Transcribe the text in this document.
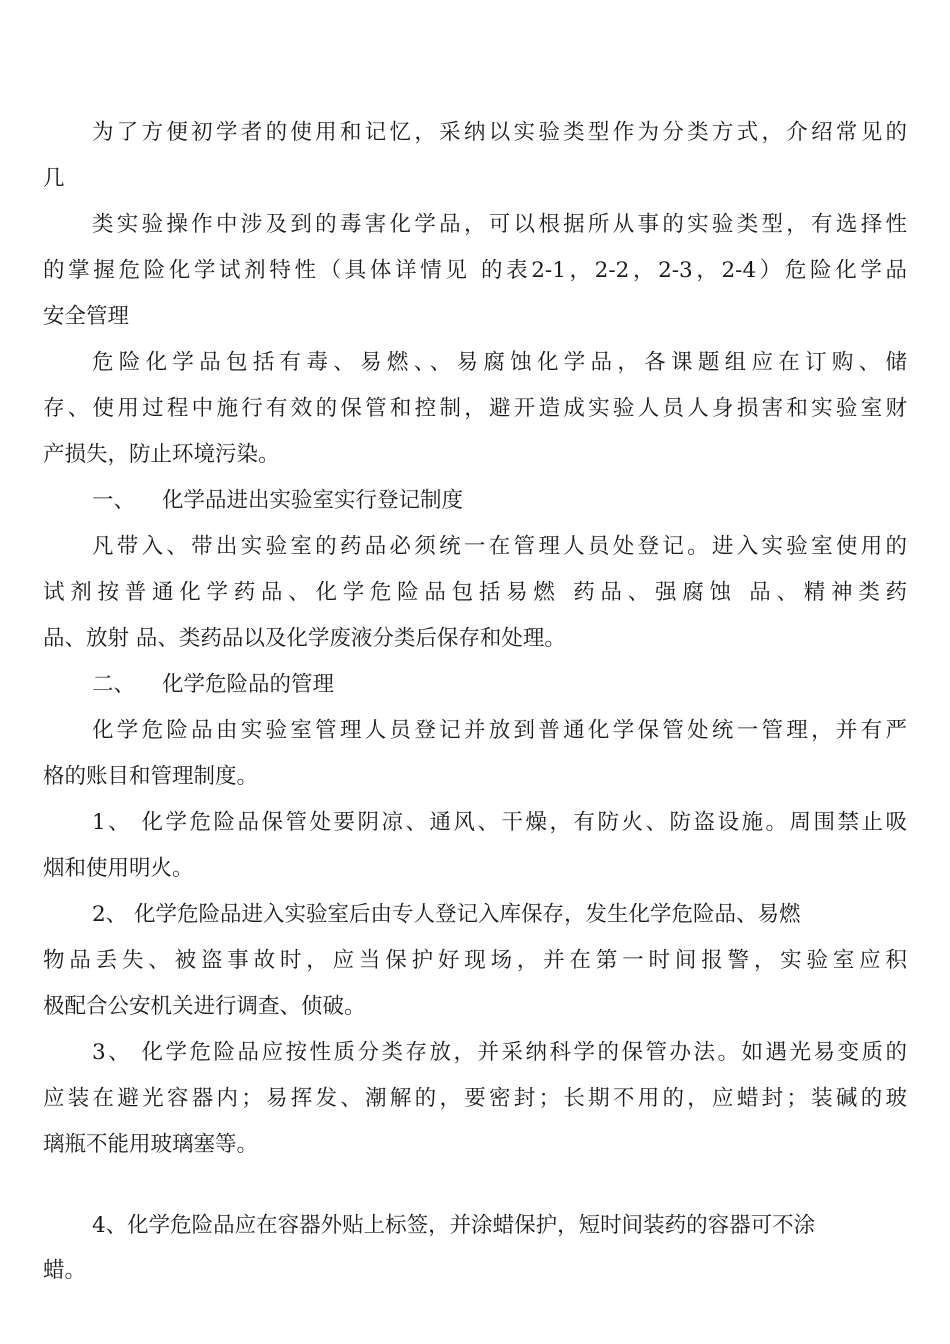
为了方便初学者的使用和记忆，采纳以实验类型作为分类方式，介绍常见的
几
类实验操作中涉及到的毒害化学品，可以根据所从事的实验类型，有选择性
的掌握危险化学试剂特性（具体详情见 的表2-1，2-2，2-3，2-4）危险化学品
安全管理
危险化学品包括有毒、易燃、、易腐蚀化学品，各课题组应在订购、储
存、使用过程中施行有效的保管和控制，避开造成实验人员人身损害和实验室财
产损失，防止环境污染。
一、 化学品进出实验室实行登记制度
凡带入、带出实验室的药品必须统一在管理人员处登记。进入实验室使用的
试剂按普通化学药品、化学危险品包括易燃 药品、强腐蚀 品、精神类药
品、放射 品、类药品以及化学废液分类后保存和处理。
二、 化学危险品的管理
化学危险品由实验室管理人员登记并放到普通化学保管处统一管理，并有严
格的账目和管理制度。
1、 化学危险品保管处要阴凉、通风、干燥，有防火、防盗设施。周围禁止吸
烟和使用明火。
2、 化学危险品进入实验室后由专人登记入库保存，发生化学危险品、易燃
物品丢失、被盗事故时，应当保护好现场，并在第一时间报警，实验室应积
极配合公安机关进行调查、侦破。
3、 化学危险品应按性质分类存放，并采纳科学的保管办法。如遇光易变质的
应装在避光容器内；易挥发、潮解的，要密封；长期不用的，应蜡封；装碱的玻
璃瓶不能用玻璃塞等。
4、化学危险品应在容器外贴上标签，并涂蜡保护，短时间装药的容器可不涂
蜡。
